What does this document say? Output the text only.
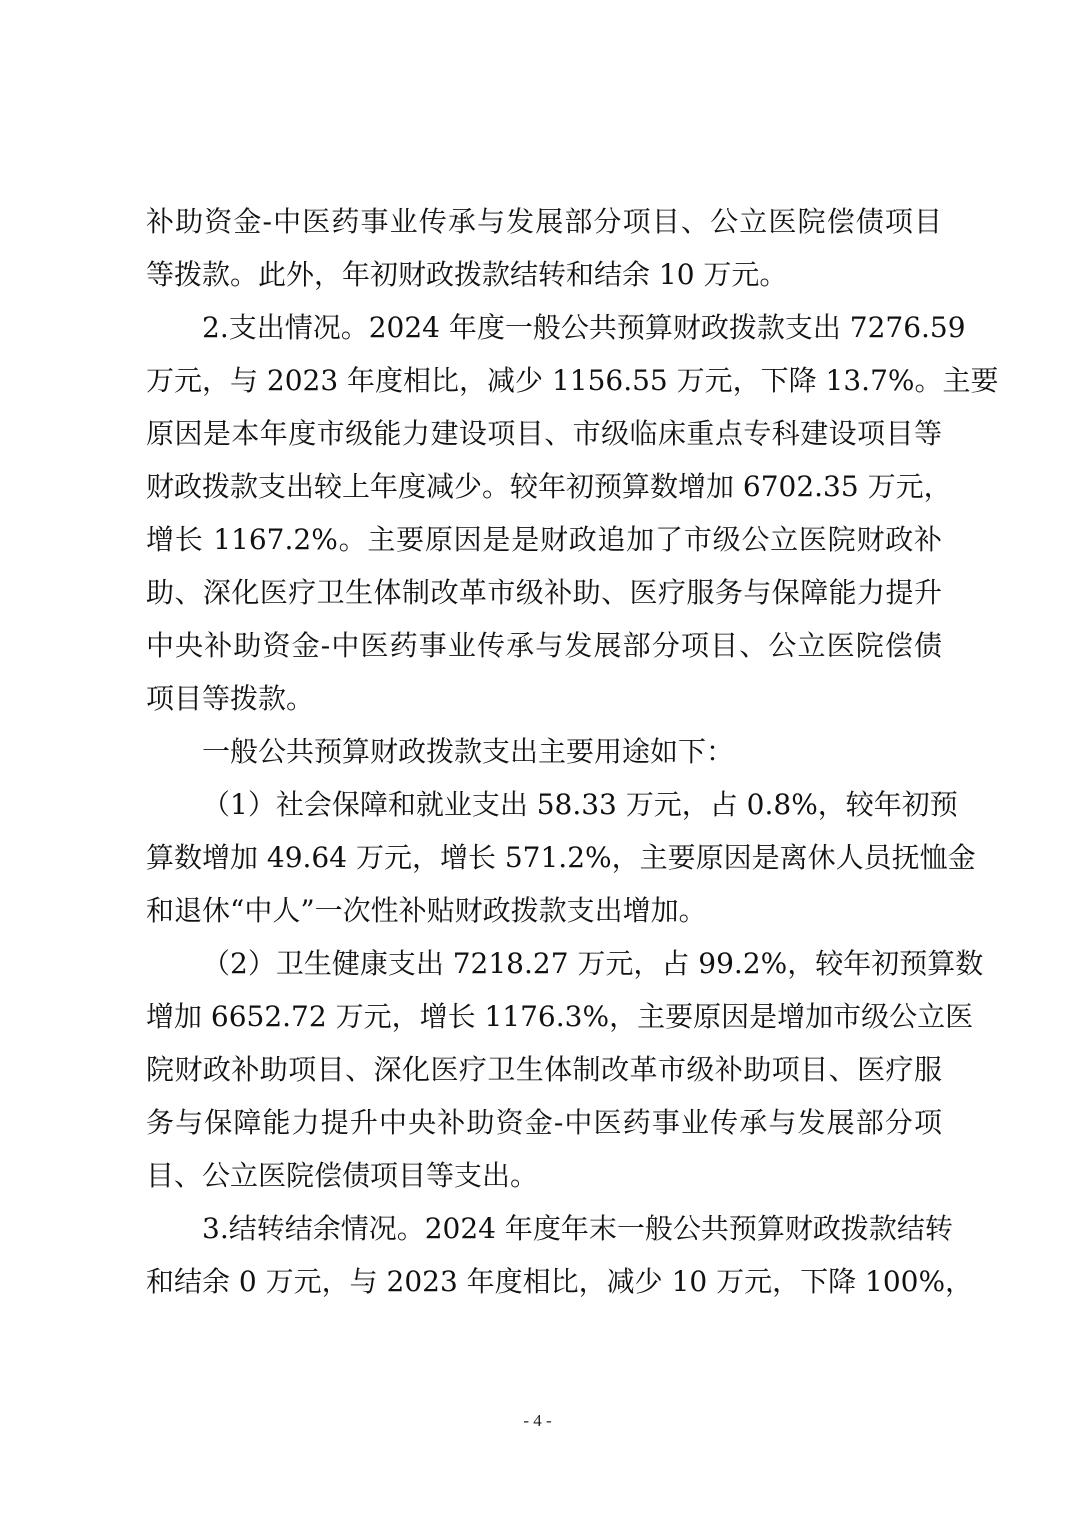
补助资金-中医药事业传承与发展部分项目、公立医院偿债项目
等拨款。此外，年初财政拨款结转和结余 10 万元。
2.支出情况。2024 年度一般公共预算财政拨款支出 7276.59
万元，与 2023 年度相比，减少 1156.55 万元，下降 13.7%。主要
原因是本年度市级能力建设项目、市级临床重点专科建设项目等
财政拨款支出较上年度减少。较年初预算数增加 6702.35 万元，
增长 1167.2%。主要原因是是财政追加了市级公立医院财政补
助、深化医疗卫生体制改革市级补助、医疗服务与保障能力提升
中央补助资金-中医药事业传承与发展部分项目、公立医院偿债
项目等拨款。
一般公共预算财政拨款支出主要用途如下：
（1）社会保障和就业支出 58.33 万元，占 0.8%，较年初预
算数增加 49.64 万元，增长 571.2%，主要原因是离休人员抚恤金
和退休“中人”一次性补贴财政拨款支出增加。
（2）卫生健康支出 7218.27 万元，占 99.2%，较年初预算数
增加 6652.72 万元，增长 1176.3%，主要原因是增加市级公立医
院财政补助项目、深化医疗卫生体制改革市级补助项目、医疗服
务与保障能力提升中央补助资金-中医药事业传承与发展部分项
目、公立医院偿债项目等支出。
3.结转结余情况。2024 年度年末一般公共预算财政拨款结转
和结余 0 万元，与 2023 年度相比，减少 10 万元，下降 100%，
- 4 -
